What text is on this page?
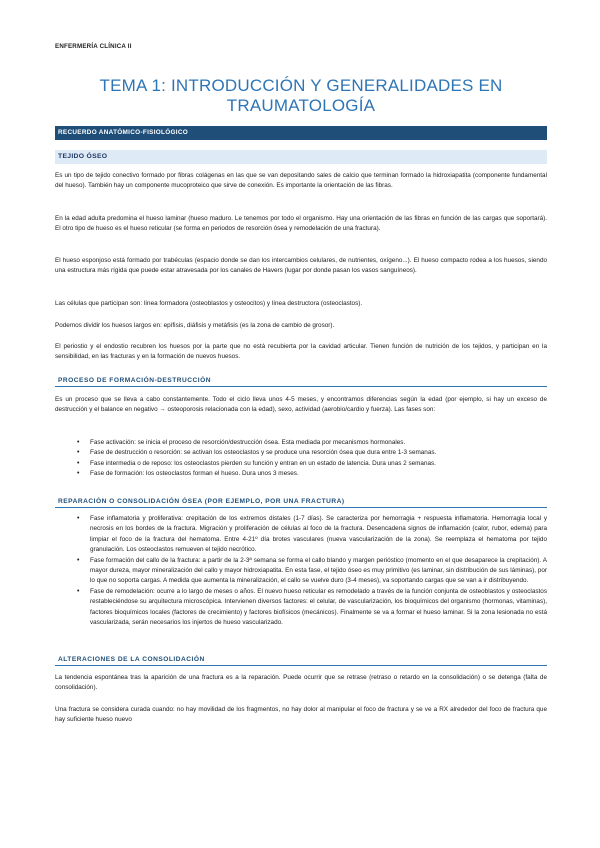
ENFERMERÍA CLÍNICA II
TEMA 1: INTRODUCCIÓN Y GENERALIDADES EN
TRAUMATOLOGÍA
RECUERDO ANATÓMICO-FISIOLÓGICO
TEJIDO ÓSEO
Es un tipo de tejido conectivo formado por fibras colágenas en las que se van depositando sales de calcio que terminan formado la hidroxiapatita (componente fundamental del hueso). También hay un componente mucoproteico que sirve de conexión. Es importante la orientación de las fibras.
En la edad adulta predomina el hueso laminar (hueso maduro. Le tenemos por todo el organismo. Hay una orientación de las fibras en función de las cargas que soportará). El otro tipo de hueso es el hueso reticular (se forma en periodos de resorción ósea y remodelación de una fractura).
El hueso esponjoso está formado por trabéculas (espacio donde se dan los intercambios celulares, de nutrientes, oxígeno...). El hueso compacto rodea a los huesos, siendo una estructura más rígida que puede estar atravesada por los canales de Havers (lugar por donde pasan los vasos sanguíneos).
Las células que participan son: línea formadora (osteoblastos y osteocitos) y línea destructora (osteoclastos).
Podemos dividir los huesos largos en: epífisis, diáfisis y metáfisis (es la zona de cambio de grosor).
El periostio y el endostio recubren los huesos por la parte que no está recubierta por la cavidad articular. Tienen función de nutrición de los tejidos, y participan en la sensibilidad, en las fracturas y en la formación de nuevos huesos.
PROCESO DE FORMACIÓN-DESTRUCCIÓN
Es un proceso que se lleva a cabo constantemente. Todo el ciclo lleva unos 4-5 meses, y encontramos diferencias según la edad (por ejemplo, si hay un exceso de destrucción y el balance en negativo → osteoporosis relacionada con la edad), sexo, actividad (aerobio/cardio y fuerza). Las fases son:
• Fase activación: se inicia el proceso de resorción/destrucción ósea. Esta mediada por mecanismos hormonales.
• Fase de destrucción o resorción: se activan los osteoclastos y se produce una resorción ósea que dura entre 1-3 semanas.
• Fase intermedia o de reposo: los osteoclastos pierden su función y entran en un estado de latencia. Dura unas 2 semanas.
• Fase de formación: los osteoclastos forman el hueso. Dura unos 3 meses.
REPARACIÓN O CONSOLIDACIÓN ÓSEA (POR EJEMPLO, POR UNA FRACTURA)
• Fase inflamatoria y proliferativa: crepitación de los extremos distales (1-7 días). Se caracteriza por hemorragia + respuesta inflamatoria. Hemorragia local y necrosis en los bordes de la fractura. Migración y proliferación de células al foco de la fractura. Desencadena signos de inflamación (calor, rubor, edema) para limpiar el foco de la fractura del hematoma. Entre 4-21º día brotes vasculares (nueva vascularización de la zona). Se reemplaza el hematoma por tejido granulación. Los osteoclastos remueven el tejido necrótico.
• Fase formación del callo de la fractura: a partir de la 2-3ª semana se forma el callo blando y margen perióstico (momento en el que desaparece la crepitación). A mayor dureza, mayor mineralización del callo y mayor hidroxiapatita. En esta fase, el tejido óseo es muy primitivo (es laminar, sin distribución de sus láminas), por lo que no soporta cargas. A medida que aumenta la mineralización, el callo se vuelve duro (3-4 meses), va soportando cargas que se van a ir distribuyendo.
• Fase de remodelación: ocurre a lo largo de meses o años. El nuevo hueso reticular es remodelado a través de la función conjunta de osteoblastos y osteoclastos restableciéndose su arquitectura microscópica. Intervienen diversos factores: el celular, de vascularización, los bioquímicos del organismo (hormonas, vitaminas), factores bioquímicos locales (factores de crecimiento) y factores biofísicos (mecánicos). Finalmente se va a formar el hueso laminar. Si la zona lesionada no está vascularizada, serán necesarios los injertos de hueso vascularizado.
ALTERACIONES DE LA CONSOLIDACIÓN
La tendencia espontánea tras la aparición de una fractura es a la reparación. Puede ocurrir que se retrase (retraso o retardo en la consolidación) o se detenga (falta de consolidación).
Una fractura se considera curada cuando: no hay movilidad de los fragmentos, no hay dolor al manipular el foco de fractura y se ve a RX alrededor del foco de fractura que hay suficiente hueso nuevo
